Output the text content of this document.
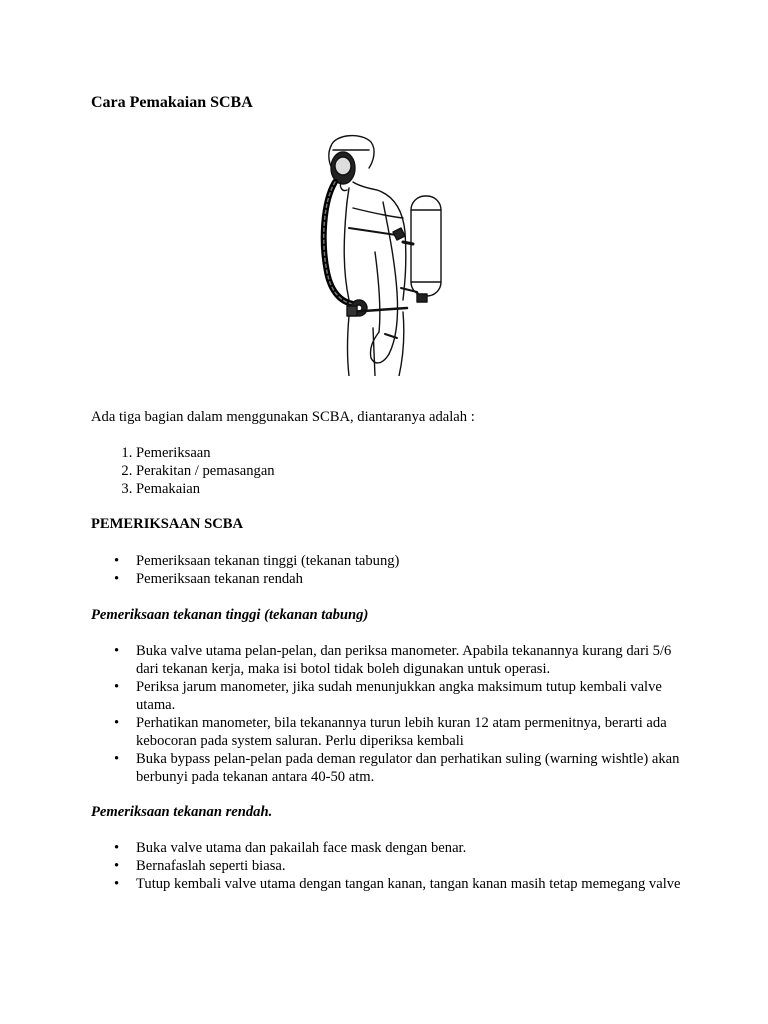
Cara Pemakaian SCBA

Ada tiga bagian dalam menggunakan SCBA, diantaranya adalah :

1. Pemeriksaan
2. Perakitan / pemasangan
3. Pemakaian

PEMERIKSAAN SCBA

• Pemeriksaan tekanan tinggi (tekanan tabung)
• Pemeriksaan tekanan rendah

Pemeriksaan tekanan tinggi (tekanan tabung)

• Buka valve utama pelan-pelan, dan periksa manometer. Apabila tekanannya kurang dari 5/6 dari tekanan kerja, maka isi botol tidak boleh digunakan untuk operasi.
• Periksa jarum manometer, jika sudah menunjukkan angka maksimum tutup kembali valve utama.
• Perhatikan manometer, bila tekanannya turun lebih kuran 12 atam permenitnya, berarti ada kebocoran pada system saluran. Perlu diperiksa kembali
• Buka bypass pelan-pelan pada deman regulator dan perhatikan suling (warning wishtle) akan berbunyi pada tekanan antara 40-50 atm.

Pemeriksaan tekanan rendah.

• Buka valve utama dan pakailah face mask dengan benar.
• Bernafaslah seperti biasa.
• Tutup kembali valve utama dengan tangan kanan, tangan kanan masih tetap memegang valve
